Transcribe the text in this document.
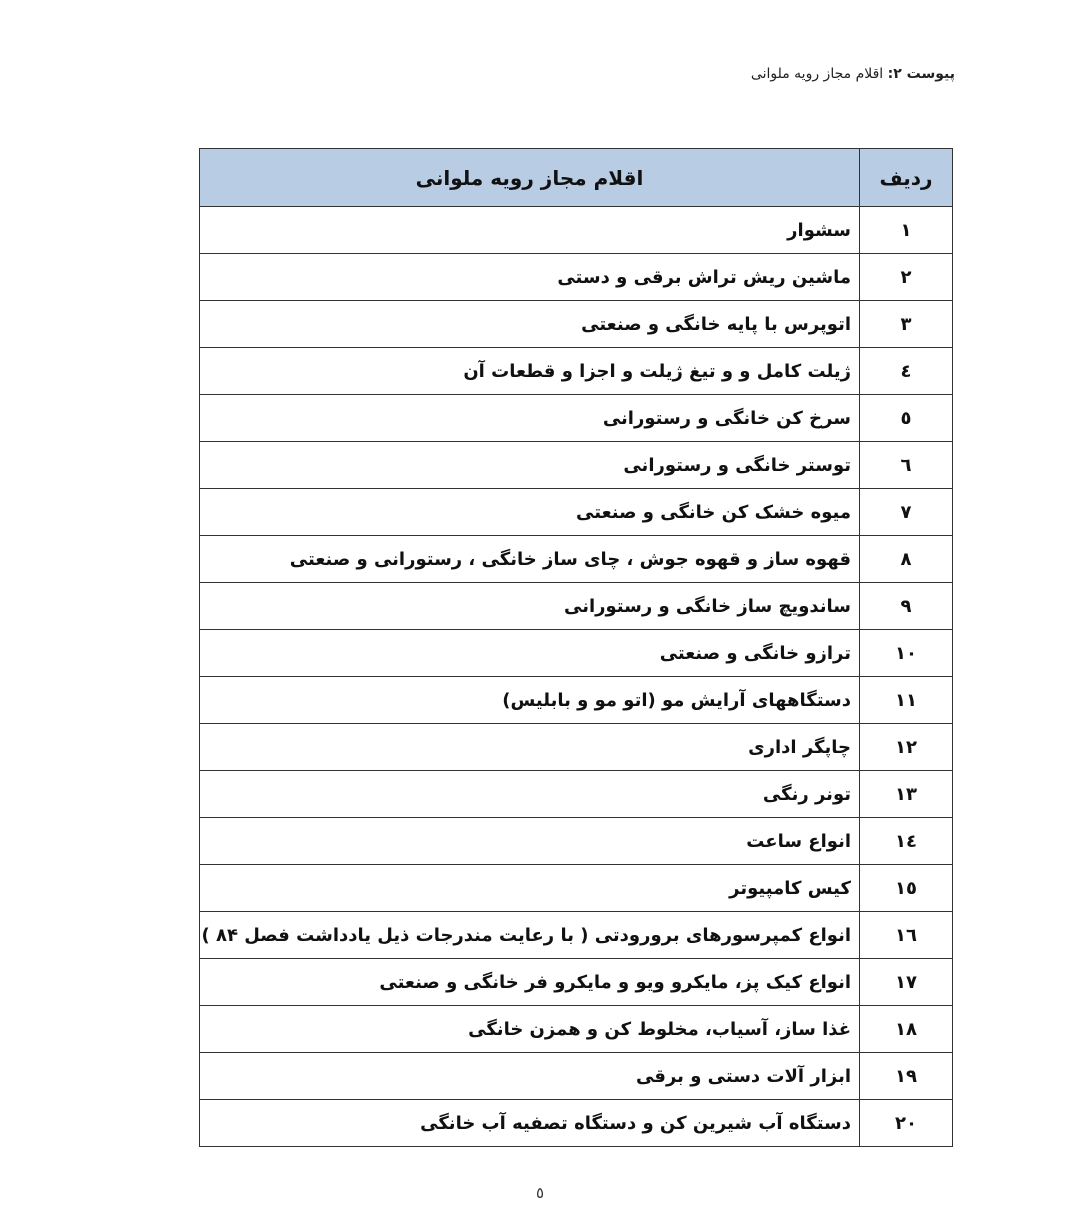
پیوست ۲: اقلام مجاز رویه ملوانی
ردیف	اقلام مجاز رویه ملوانی
۱	سشوار
۲	ماشین ریش تراش برقی و دستی
۳	اتوپرس با پایه خانگی و صنعتی
٤	ژیلت کامل و و تیغ ژیلت و اجزا و قطعات آن
٥	سرخ کن خانگی و رستورانی
٦	توستر خانگی و رستورانی
۷	میوه خشک کن خانگی و صنعتی
۸	قهوه ساز و قهوه جوش ، چای ساز خانگی ، رستورانی و صنعتی
۹	ساندویچ ساز خانگی و رستورانی
۱۰	ترازو خانگی و صنعتی
۱۱	دستگاههای آرایش مو (اتو مو و بابلیس)
۱۲	چاپگر اداری
۱۳	تونر رنگی
۱٤	انواع ساعت
۱٥	کیس کامپیوتر
۱٦	انواع کمپرسورهای برورودتی ( با رعایت مندرجات ذیل یادداشت فصل ۸۴ )
۱۷	انواع کیک پز، مایکرو ویو و مایکرو فر خانگی و صنعتی
۱۸	غذا ساز، آسیاب، مخلوط کن و همزن خانگی
۱۹	ابزار آلات دستی و برقی
۲۰	دستگاه آب شیرین کن و دستگاه تصفیه آب خانگی
٥
